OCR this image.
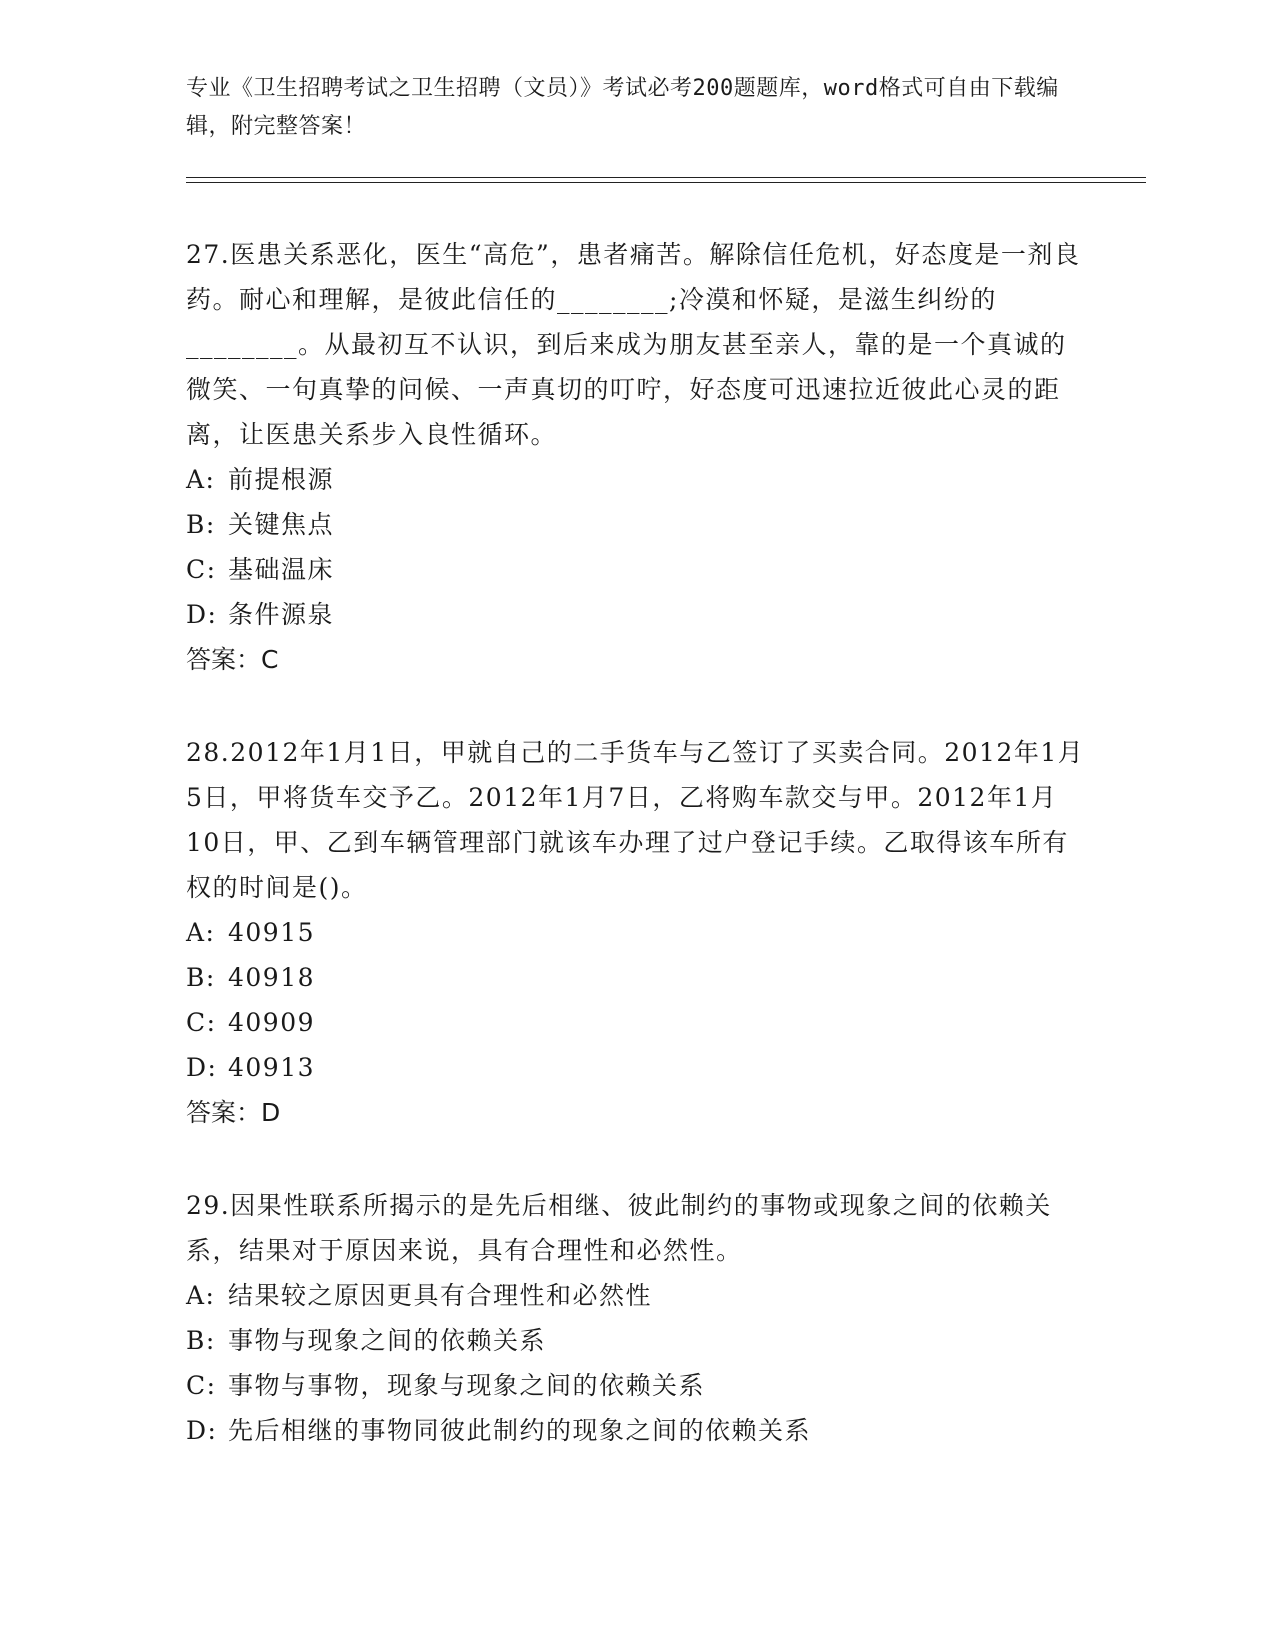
专业《卫生招聘考试之卫生招聘（文员）》考试必考200题题库，word格式可自由下载编辑，附完整答案！

27.医患关系恶化，医生“高危”，患者痛苦。解除信任危机，好态度是一剂良药。耐心和理解，是彼此信任的________;冷漠和怀疑，是滋生纠纷的________。从最初互不认识，到后来成为朋友甚至亲人，靠的是一个真诚的微笑、一句真挚的问候、一声真切的叮咛，好态度可迅速拉近彼此心灵的距离，让医患关系步入良性循环。

A: 前提根源

B: 关键焦点

C: 基础温床

D: 条件源泉

答案：C

28.2012年1月1日，甲就自己的二手货车与乙签订了买卖合同。2012年1月5日，甲将货车交予乙。2012年1月7日，乙将购车款交与甲。2012年1月10日，甲、乙到车辆管理部门就该车办理了过户登记手续。乙取得该车所有权的时间是()。

A: 40915

B: 40918

C: 40909

D: 40913

答案：D

29.因果性联系所揭示的是先后相继、彼此制约的事物或现象之间的依赖关系，结果对于原因来说，具有合理性和必然性。

A: 结果较之原因更具有合理性和必然性

B: 事物与现象之间的依赖关系

C: 事物与事物，现象与现象之间的依赖关系

D: 先后相继的事物同彼此制约的现象之间的依赖关系
